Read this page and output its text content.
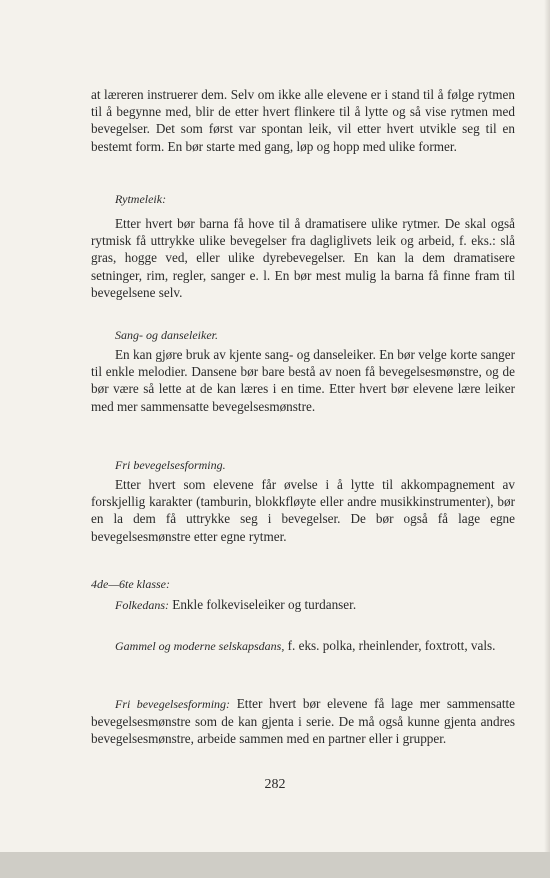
at læreren instruerer dem. Selv om ikke alle elevene er i stand til å følge rytmen til å begynne med, blir de etter hvert flinkere til å lytte og så vise rytmen med bevegelser. Det som først var spontan leik, vil etter hvert utvikle seg til en bestemt form. En bør starte med gang, løp og hopp med ulike former.

Rytmeleik:

Etter hvert bør barna få hove til å dramatisere ulike rytmer. De skal også rytmisk få uttrykke ulike bevegelser fra dagliglivets leik og arbeid, f. eks.: slå gras, hogge ved, eller ulike dyrebevegelser. En kan la dem dramatisere setninger, rim, regler, sanger e. l. En bør mest mulig la barna få finne fram til bevegelsene selv.

Sang- og danseleiker.

En kan gjøre bruk av kjente sang- og danseleiker. En bør velge korte sanger til enkle melodier. Dansene bør bare bestå av noen få bevegelsesmønstre, og de bør være så lette at de kan læres i en time. Etter hvert bør elevene lære leiker med mer sammensatte bevegelsesmønstre.

Fri bevegelsesforming.

Etter hvert som elevene får øvelse i å lytte til akkompagnement av forskjellig karakter (tamburin, blokkfløyte eller andre musikkinstrumenter), bør en la dem få uttrykke seg i bevegelser. De bør også få lage egne bevegelsesmønstre etter egne rytmer.

4de—6te klasse:

Folkedans: Enkle folkeviseleiker og turdanser.

Gammel og moderne selskapsdans, f. eks. polka, rheinlender, foxtrott, vals.

Fri bevegelsesforming: Etter hvert bør elevene få lage mer sammensatte bevegelsesmønstre som de kan gjenta i serie. De må også kunne gjenta andres bevegelsesmønstre, arbeide sammen med en partner eller i grupper.

282
